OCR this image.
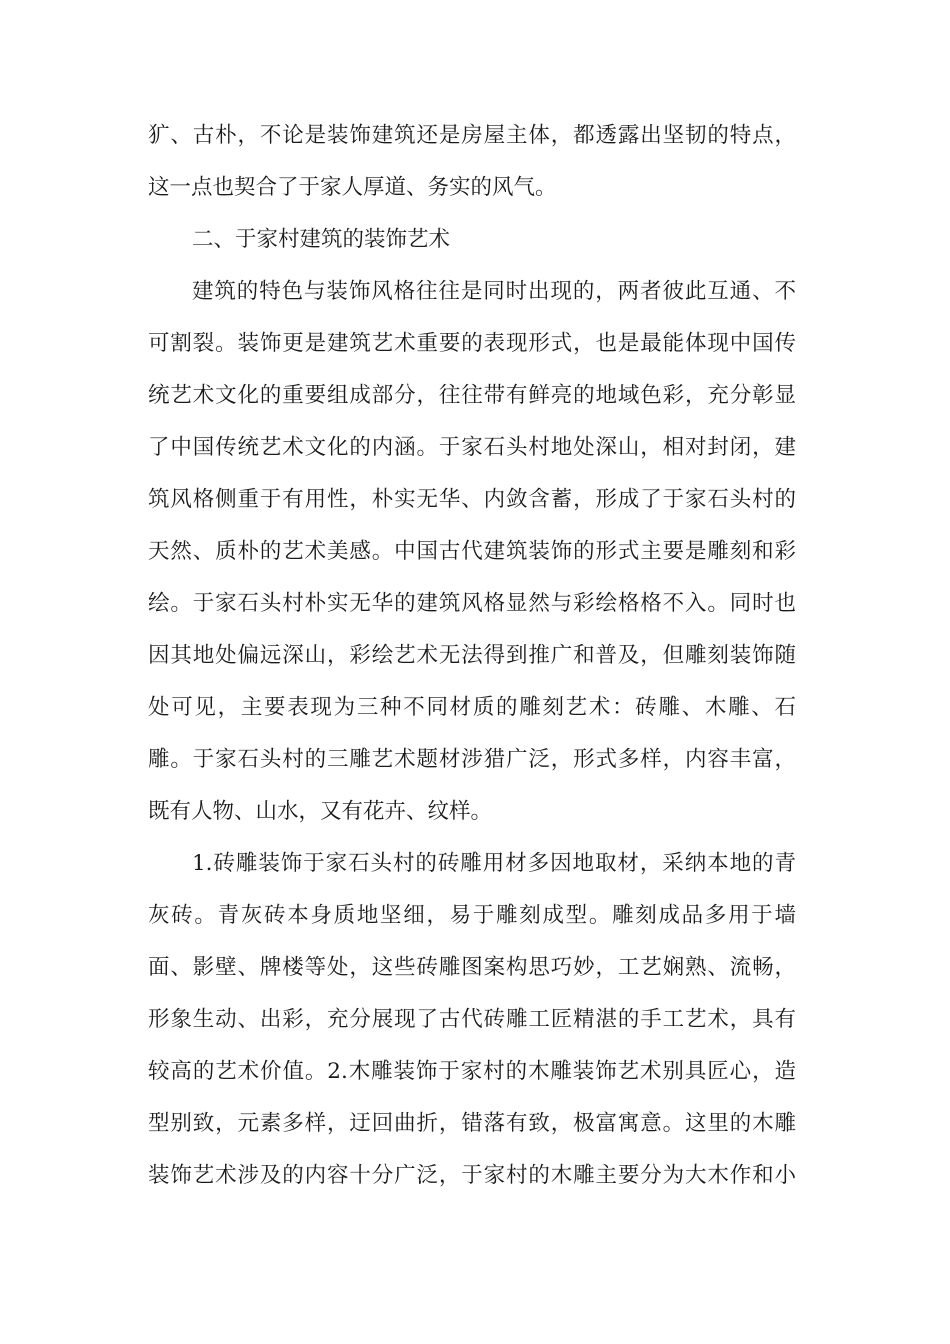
犷、古朴，不论是装饰建筑还是房屋主体，都透露出坚韧的特点，
这一点也契合了于家人厚道、务实的风气。
二、于家村建筑的装饰艺术
建筑的特色与装饰风格往往是同时出现的，两者彼此互通、不
可割裂。装饰更是建筑艺术重要的表现形式，也是最能体现中国传
统艺术文化的重要组成部分，往往带有鲜亮的地域色彩，充分彰显
了中国传统艺术文化的内涵。于家石头村地处深山，相对封闭，建
筑风格侧重于有用性，朴实无华、内敛含蓄，形成了于家石头村的
天然、质朴的艺术美感。中国古代建筑装饰的形式主要是雕刻和彩
绘。于家石头村朴实无华的建筑风格显然与彩绘格格不入。同时也
因其地处偏远深山，彩绘艺术无法得到推广和普及，但雕刻装饰随
处可见，主要表现为三种不同材质的雕刻艺术：砖雕、木雕、石
雕。于家石头村的三雕艺术题材涉猎广泛，形式多样，内容丰富，
既有人物、山水，又有花卉、纹样。
1.砖雕装饰于家石头村的砖雕用材多因地取材，采纳本地的青
灰砖。青灰砖本身质地坚细，易于雕刻成型。雕刻成品多用于墙
面、影壁、牌楼等处，这些砖雕图案构思巧妙，工艺娴熟、流畅，
形象生动、出彩，充分展现了古代砖雕工匠精湛的手工艺术，具有
较高的艺术价值。2.木雕装饰于家村的木雕装饰艺术别具匠心，造
型别致，元素多样，迂回曲折，错落有致，极富寓意。这里的木雕
装饰艺术涉及的内容十分广泛，于家村的木雕主要分为大木作和小
